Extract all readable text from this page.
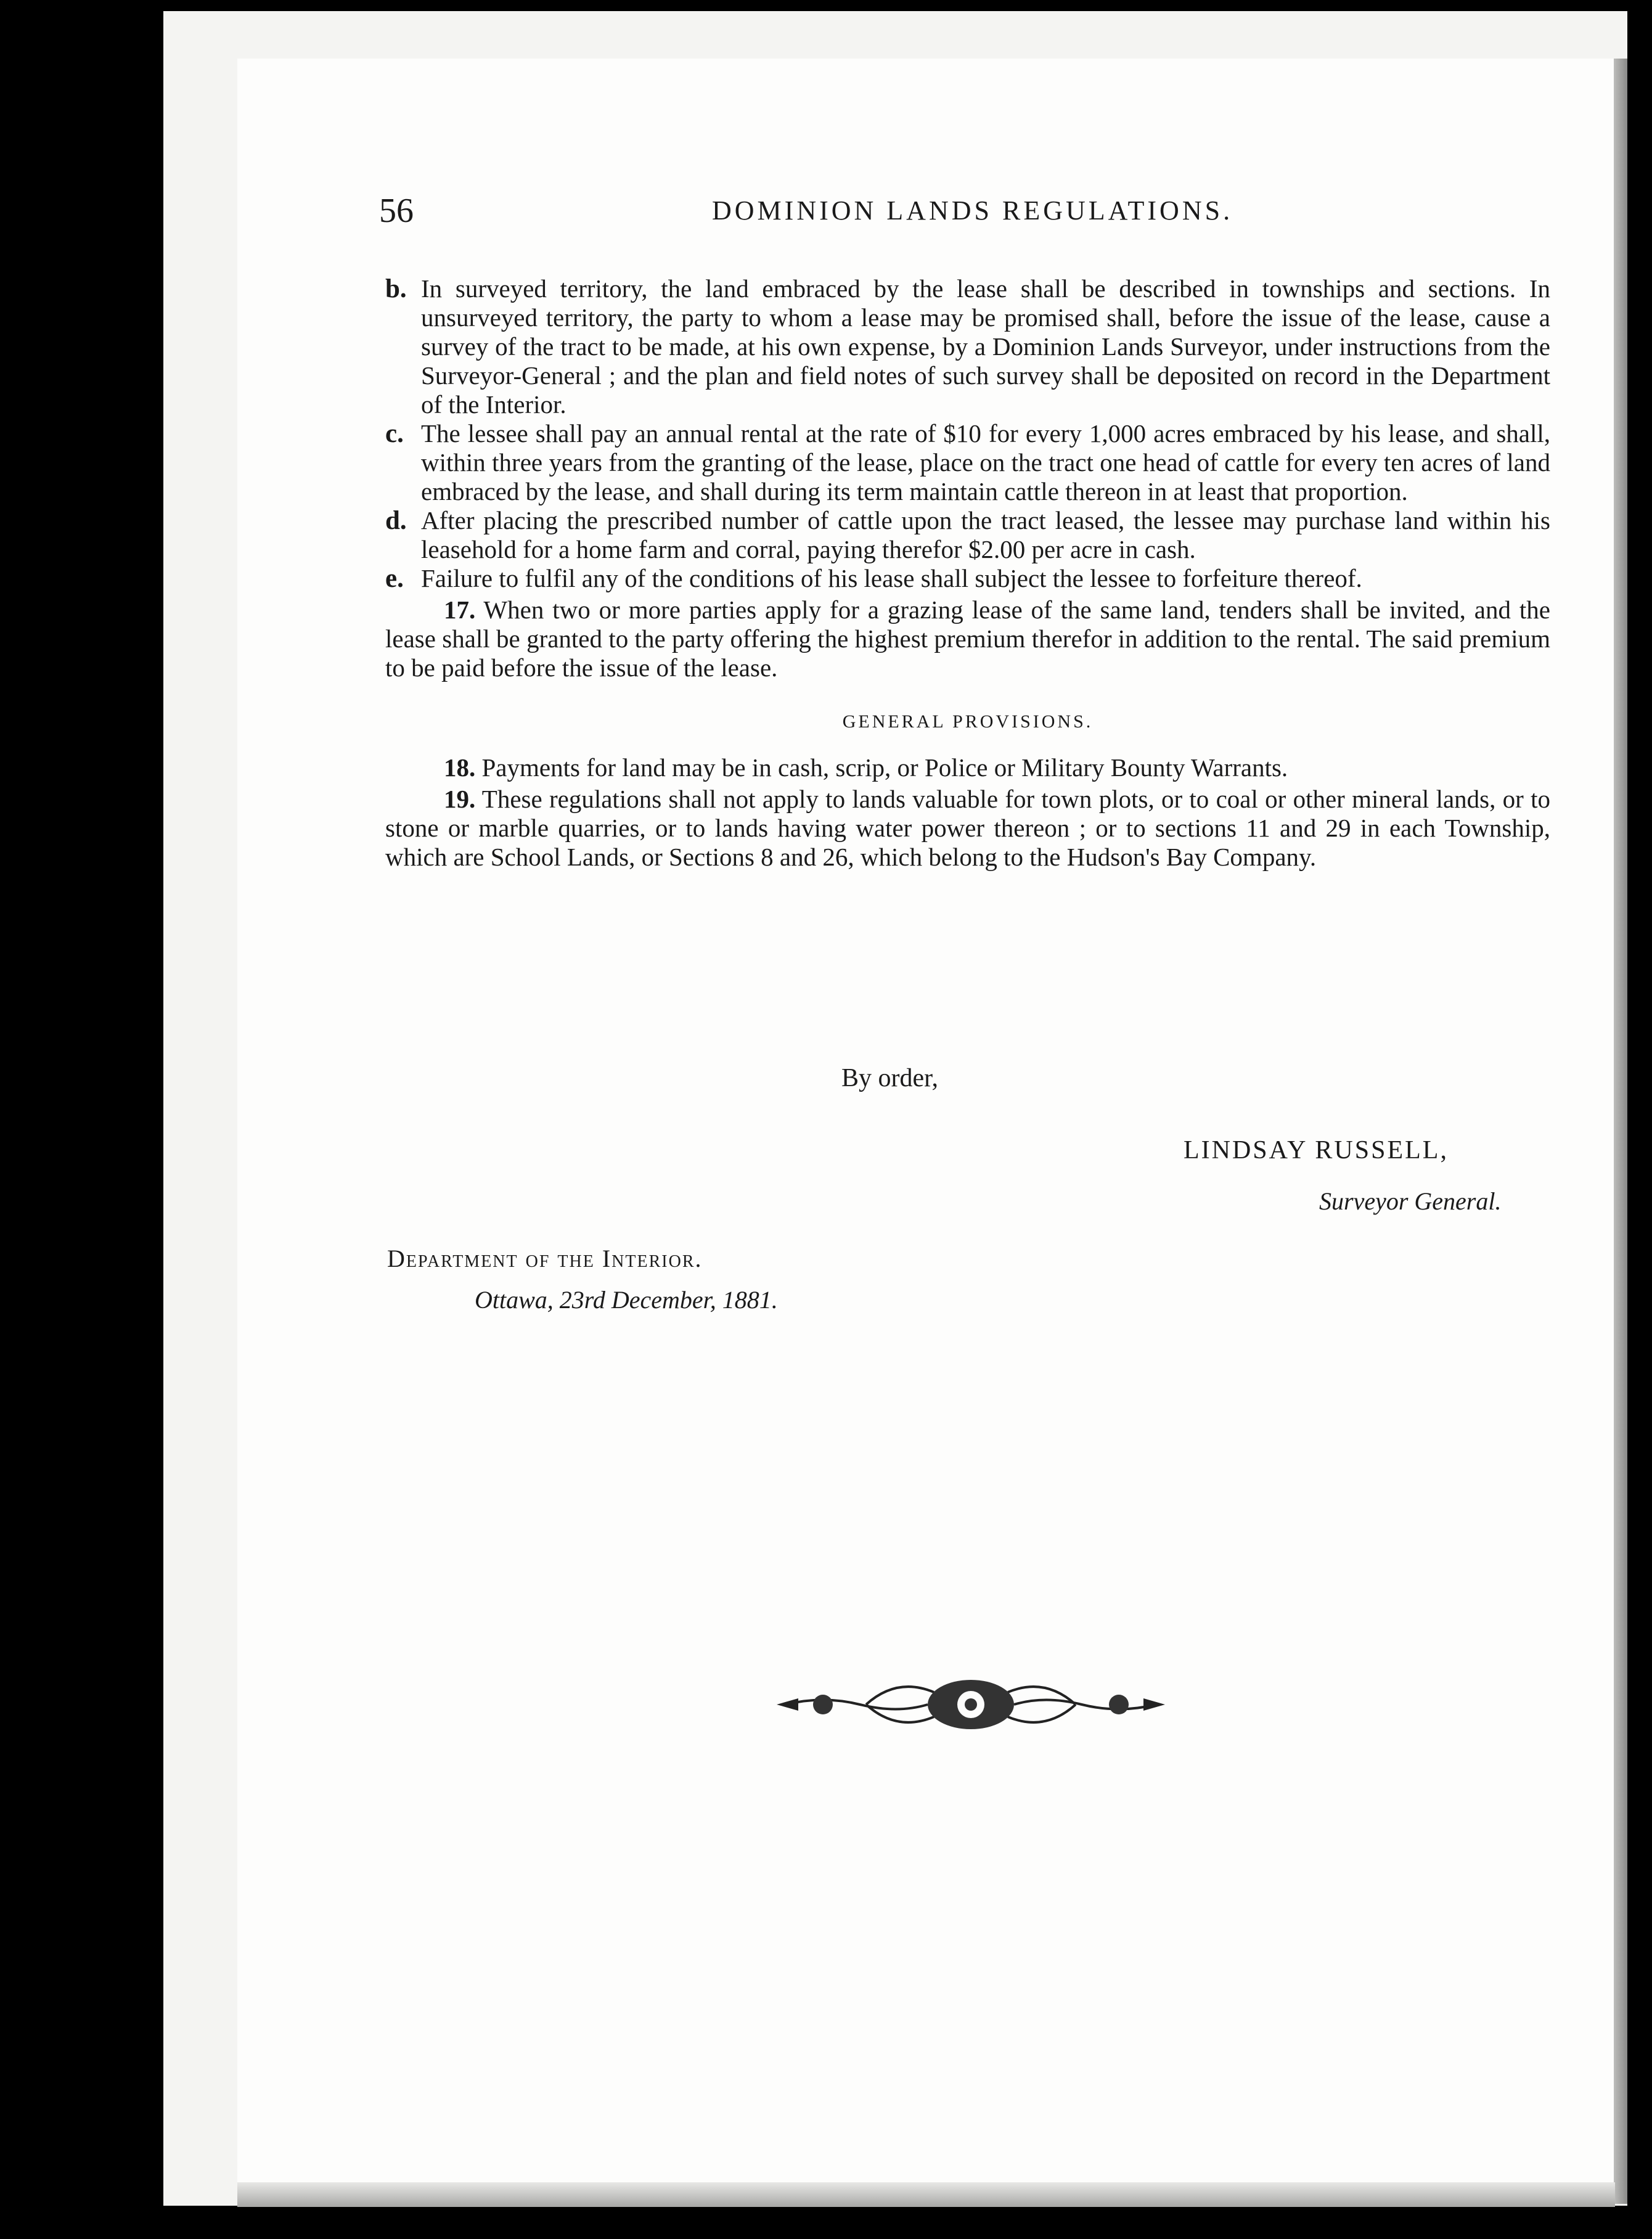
56	DOMINION LANDS REGULATIONS.
b. In surveyed territory, the land embraced by the lease shall be described in townships and sections. In unsurveyed territory, the party to whom a lease may be promised shall, before the issue of the lease, cause a survey of the tract to be made, at his own expense, by a Dominion Lands Surveyor, under instructions from the Surveyor-General ; and the plan and field notes of such survey shall be deposited on record in the Department of the Interior.
c. The lessee shall pay an annual rental at the rate of $10 for every 1,000 acres embraced by his lease, and shall, within three years from the granting of the lease, place on the tract one head of cattle for every ten acres of land embraced by the lease, and shall during its term maintain cattle thereon in at least that proportion.
d. After placing the prescribed number of cattle upon the tract leased, the lessee may purchase land within his leasehold for a home farm and corral, paying therefor $2.00 per acre in cash.
e. Failure to fulfil any of the conditions of his lease shall subject the lessee to forfeiture thereof.
17. When two or more parties apply for a grazing lease of the same land, tenders shall be invited, and the lease shall be granted to the party offering the highest premium therefor in addition to the rental. The said premium to be paid before the issue of the lease.
GENERAL PROVISIONS.
18. Payments for land may be in cash, scrip, or Police or Military Bounty Warrants.
19. These regulations shall not apply to lands valuable for town plots, or to coal or other mineral lands, or to stone or marble quarries, or to lands having water power thereon ; or to sections 11 and 29 in each Township, which are School Lands, or Sections 8 and 26, which belong to the Hudson's Bay Company.
By order,
LINDSAY RUSSELL,
Surveyor General.
Department of the Interior.
Ottawa, 23rd December, 1881.
